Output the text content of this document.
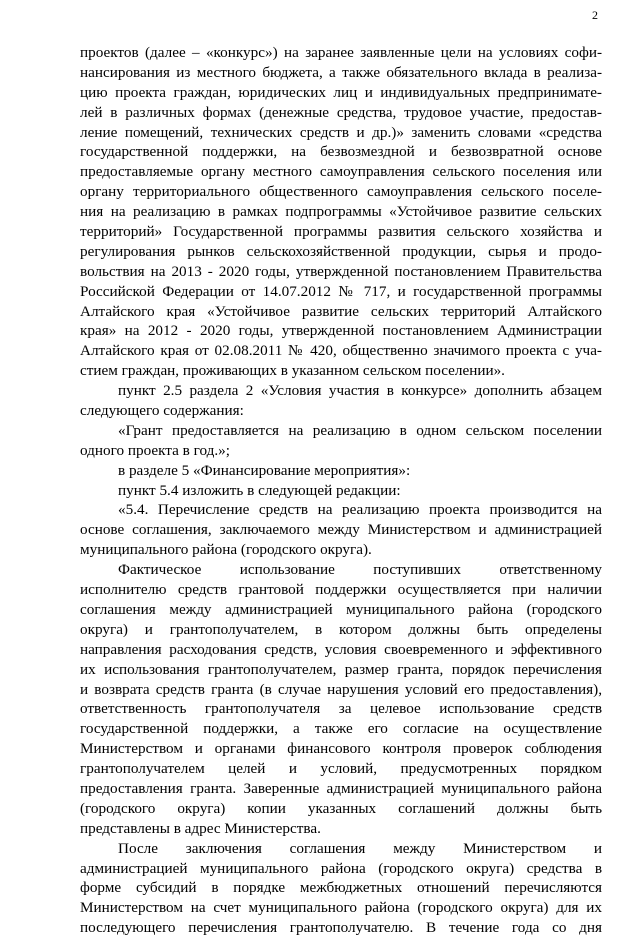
2
проектов (далее – «конкурс») на заранее заявленные цели на условиях софи-
нансирования из местного бюджета, а также обязательного вклада в реализа-
цию проекта граждан, юридических лиц и индивидуальных предпринимате-
лей в различных формах (денежные средства, трудовое участие, предостав-
ление помещений, технических средств и др.)» заменить словами «средства
государственной поддержки, на безвозмездной и безвозвратной основе
предоставляемые органу местного самоуправления сельского поселения или
органу территориального общественного самоуправления сельского поселе-
ния на реализацию в рамках подпрограммы «Устойчивое развитие сельских
территорий» Государственной программы развития сельского хозяйства и
регулирования рынков сельскохозяйственной продукции, сырья и продо-
вольствия на 2013 - 2020 годы, утвержденной постановлением Правительства
Российской Федерации от 14.07.2012 № 717, и государственной программы
Алтайского края «Устойчивое развитие сельских территорий Алтайского
края» на 2012 - 2020 годы, утвержденной постановлением Администрации
Алтайского края от 02.08.2011 № 420, общественно значимого проекта с уча-
стием граждан, проживающих в указанном сельском поселении».
пункт 2.5 раздела 2 «Условия участия в конкурсе» дополнить абзацем
следующего содержания:
«Грант предоставляется на реализацию в одном сельском поселении
одного проекта в год.»;
в разделе 5 «Финансирование мероприятия»:
пункт 5.4 изложить в следующей редакции:
«5.4. Перечисление средств на реализацию проекта производится на
основе соглашения, заключаемого между Министерством и администрацией
муниципального района (городского округа).
Фактическое использование поступивших ответственному
исполнителю средств грантовой поддержки осуществляется при наличии
соглашения между администрацией муниципального района (городского
округа) и грантополучателем, в котором должны быть определены
направления расходования средств, условия своевременного и эффективного
их использования грантополучателем, размер гранта, порядок перечисления
и возврата средств гранта (в случае нарушения условий его предоставления),
ответственность грантополучателя за целевое использование средств
государственной поддержки, а также его согласие на осуществление
Министерством и органами финансового контроля проверок соблюдения
грантополучателем целей и условий, предусмотренных порядком
предоставления гранта. Заверенные администрацией муниципального района
(городского округа) копии указанных соглашений должны быть
представлены в адрес Министерства.
После заключения соглашения между Министерством и
администрацией муниципального района (городского округа) средства в
форме субсидий в порядке межбюджетных отношений перечисляются
Министерством на счет муниципального района (городского округа) для их
последующего перечисления грантополучателю. В течение года со дня
